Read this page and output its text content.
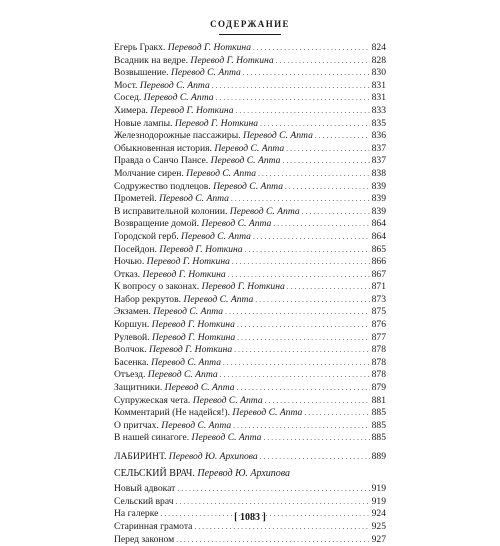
СОДЕРЖАНИЕ
Егерь Гракх. Перевод Г. Ноткина . . .	824
Всадник на ведре. Перевод Г. Ноткина . . .	828
Возвышение. Перевод С. Апта . . .	830
Мост. Перевод С. Апта . . .	831
Сосед. Перевод С. Апта . . .	831
Химера. Перевод Г. Ноткина . . .	833
Новые лампы. Перевод Г. Ноткина . . .	835
Железнодорожные пассажиры. Перевод С. Апта . . .	836
Обыкновенная история. Перевод С. Апта . . .	837
Правда о Санчо Пансе. Перевод С. Апта . . .	837
Молчание сирен. Перевод С. Апта . . .	838
Содружество подлецов. Перевод С. Апта . . .	839
Прометей. Перевод С. Апта . . .	839
В исправительной колонии. Перевод С. Апта . . .	839
Возвращение домой. Перевод С. Апта . . .	864
Городской герб. Перевод С. Апта . . .	864
Посейдон. Перевод Г. Ноткина . . .	865
Ночью. Перевод Г. Ноткина . . .	866
Отказ. Перевод Г. Ноткина . . .	867
К вопросу о законах. Перевод Г. Ноткина . . .	871
Набор рекрутов. Перевод С. Апта . . .	873
Экзамен. Перевод С. Апта . . .	875
Коршун. Перевод Г. Ноткина . . .	876
Рулевой. Перевод Г. Ноткина . . .	877
Волчок. Перевод Г. Ноткина . . .	878
Басенка. Перевод С. Апта . . .	878
Отъезд. Перевод С. Апта . . .	878
Защитники. Перевод С. Апта . . .	879
Супружеская чета. Перевод С. Апта . . .	881
Комментарий (Не надейся!). Перевод С. Апта . . .	885
О притчах. Перевод С. Апта . . .	885
В нашей синагоге. Перевод С. Апта . . .	885
ЛАБИРИНТ. Перевод Ю. Архипова . . .	889
СЕЛЬСКИЙ ВРАЧ. Перевод Ю. Архипова
Новый адвокат . . .	919
Сельский врач . . .	919
На галерке . . .	924
Старинная грамота . . .	925
Перед законом . . .	927
[ 1083 ]
